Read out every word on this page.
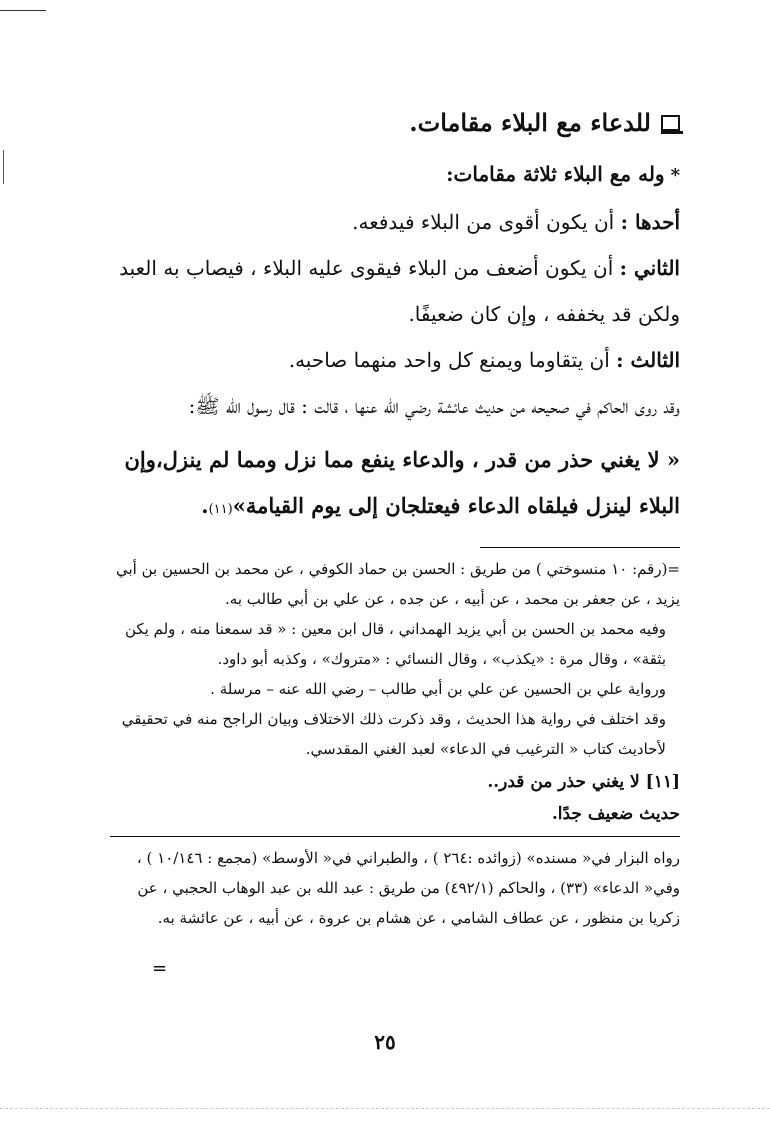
للدعاء مع البلاء مقامات.

*وله مع البلاء ثلاثة مقامات:

أحدها : أن يكون أقوى من البلاء فيدفعه.

الثاني : أن يكون أضعف من البلاء فيقوى عليه البلاء ، فيصاب به العبد ولكن قد يخففه ، وإن كان ضعيفًا.

الثالث : أن يتقاوما ويمنع كل واحد منهما صاحبه.

وقد روى الحاكم في صحيحه من حديث عائشة رضي الله عنها ، قالت : قال رسول الله ﷺ:

« لا يغني حذر من قدر ، والدعاء ينفع مما نزل ومما لم ينزل،وإن البلاء لينزل فيلقاه الدعاء فيعتلجان إلى يوم القيامة»(١١).

=(رقم: ١٠ منسوختي ) من طريق : الحسن بن حماد الكوفي ، عن محمد بن الحسين بن أبي يزيد ، عن جعفر بن محمد ، عن أبيه ، عن جده ، عن علي بن أبي طالب به.

وفيه محمد بن الحسن بن أبي يزيد الهمداني ، قال ابن معين : « قد سمعنا منه ، ولم يكن بثقة» ، وقال مرة : «يكذب» ، وقال النسائي : «متروك» ، وكذبه أبو داود.

ورواية علي بن الحسين عن علي بن أبي طالب – رضي الله عنه – مرسلة .

وقد اختلف في رواية هذا الحديث ، وقد ذكرت ذلك الاختلاف وبيان الراجح منه في تحقيقي لأحاديث كتاب « الترغيب في الدعاء» لعبد الغني المقدسي.

[١١] لا يغني حذر من قدر..

حديث ضعيف جدًا.

رواه البزار في« مسنده» (زوائده :٢٦٤ ) ، والطبراني في« الأوسط» (مجمع : ١٠/١٤٦ ) ، وفي« الدعاء» (٣٣) ، والحاكم (٤٩٢/١) من طريق : عبد الله بن عبد الوهاب الحجبي ، عن زكريا بن منظور ، عن عطاف الشامي ، عن هشام بن عروة ، عن أبيه ، عن عائشة به.

=
٢٥
